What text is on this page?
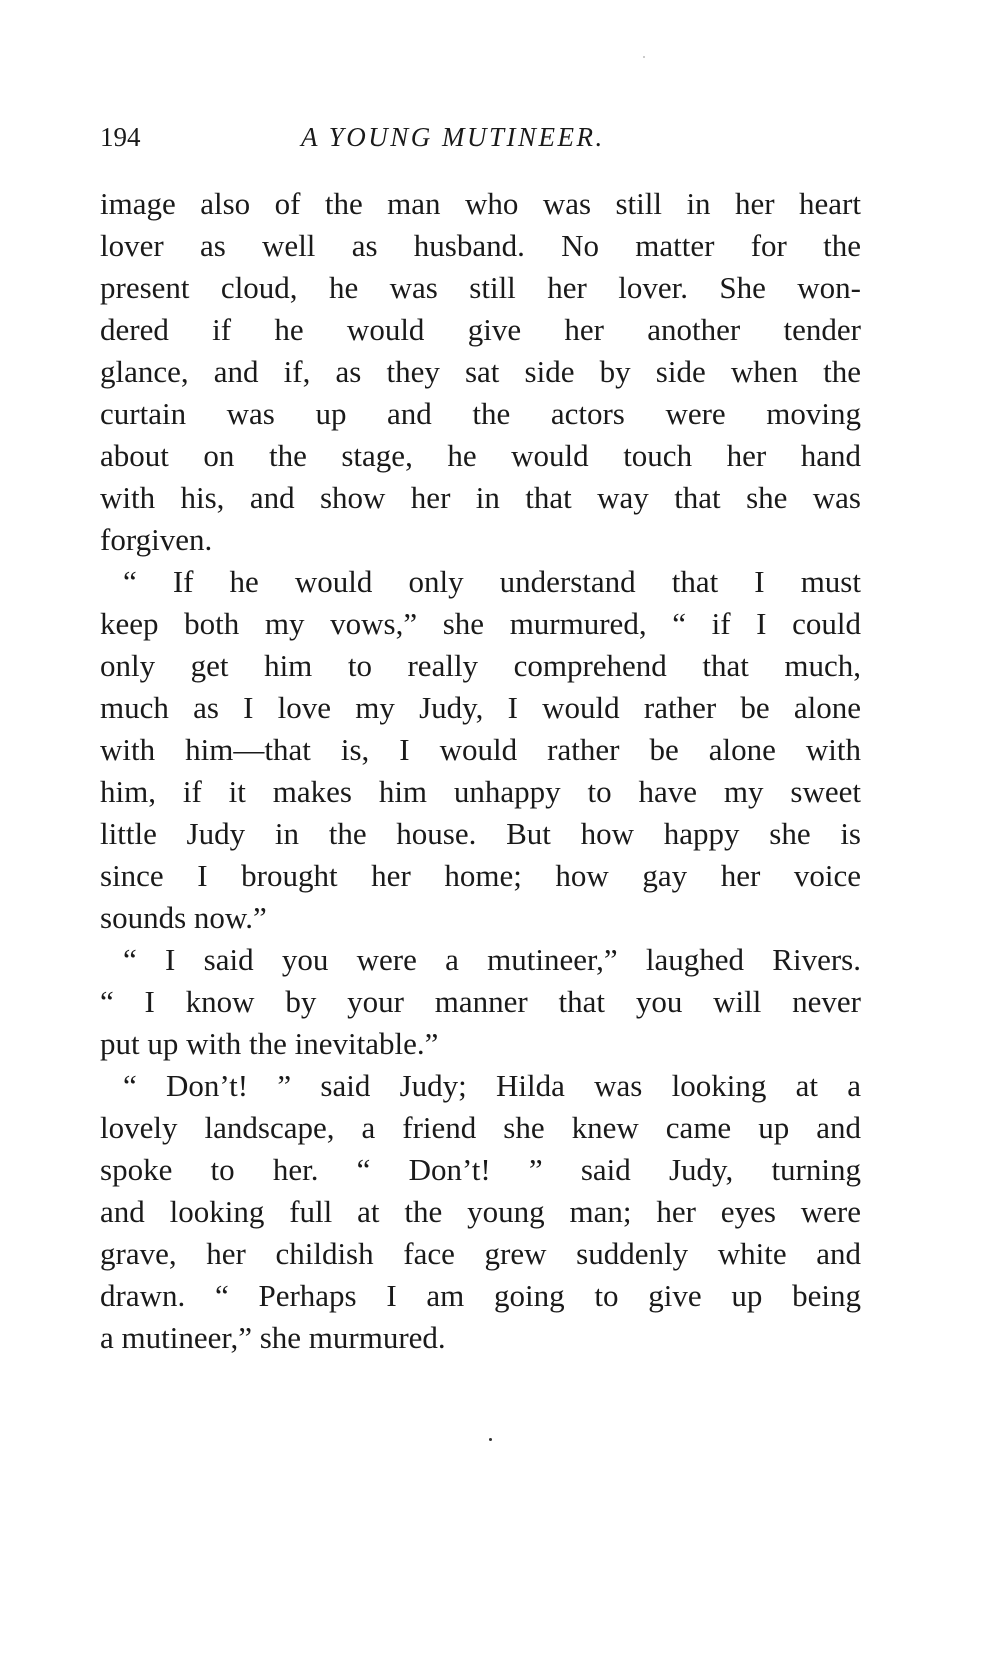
194	A YOUNG MUTINEER.
image also of the man who was still in her heart
lover as well as husband. No matter for the
present cloud, he was still her lover. She won-
dered if he would give her another tender
glance, and if, as they sat side by side when the
curtain was up and the actors were moving
about on the stage, he would touch her hand
with his, and show her in that way that she was
forgiven.
“ If he would only understand that I must
keep both my vows,” she murmured, “ if I could
only get him to really comprehend that much,
much as I love my Judy, I would rather be alone
with him—that is, I would rather be alone with
him, if it makes him unhappy to have my sweet
little Judy in the house. But how happy she is
since I brought her home; how gay her voice
sounds now.”
“ I said you were a mutineer,” laughed Rivers.
“ I know by your manner that you will never
put up with the inevitable.”
“ Don’t! ” said Judy; Hilda was looking at a
lovely landscape, a friend she knew came up and
spoke to her. “ Don’t! ” said Judy, turning
and looking full at the young man; her eyes were
grave, her childish face grew suddenly white and
drawn. “ Perhaps I am going to give up being
a mutineer,” she murmured.
